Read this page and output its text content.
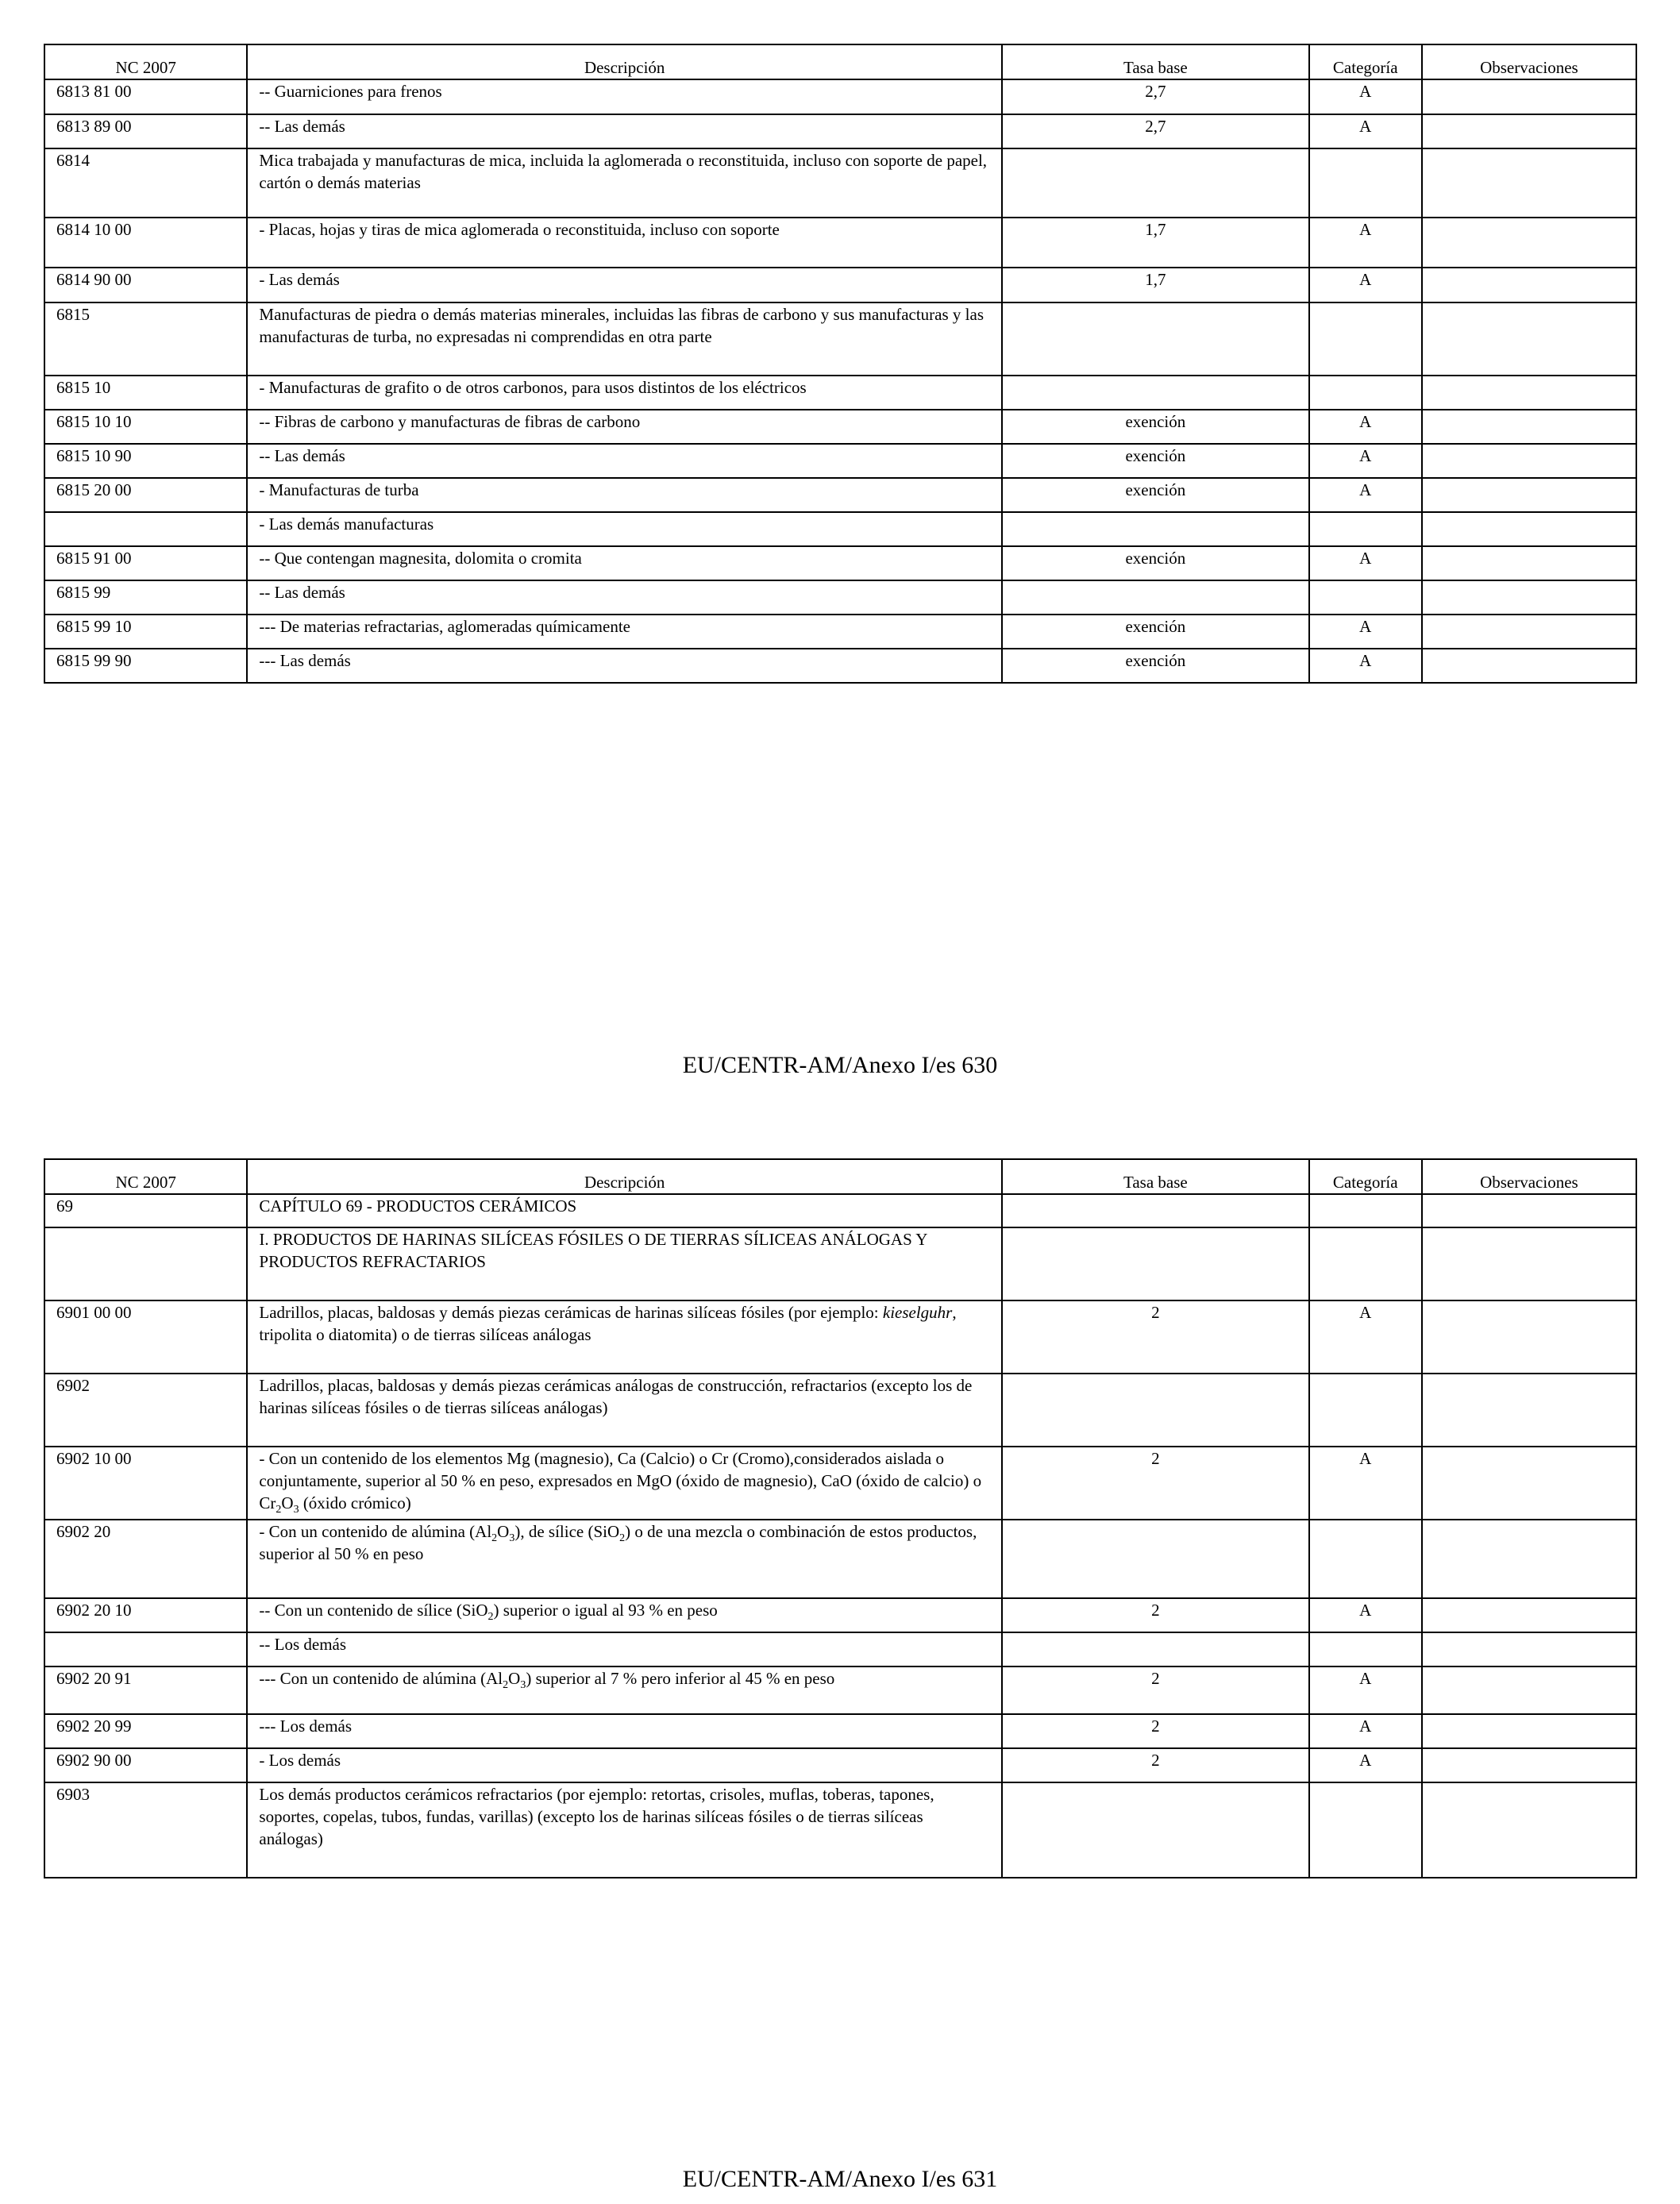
NC 2007	Descripción	Tasa base	Categoría	Observaciones
6813 81 00	-- Guarniciones para frenos	2,7	A	
6813 89 00	-- Las demás	2,7	A	
6814	Mica trabajada y manufacturas de mica, incluida la aglomerada o reconstituida, incluso con soporte de papel, cartón o demás materias			
6814 10 00	- Placas, hojas y tiras de mica aglomerada o reconstituida, incluso con soporte	1,7	A	
6814 90 00	- Las demás	1,7	A	
6815	Manufacturas de piedra o demás materias minerales, incluidas las fibras de carbono y sus manufacturas y las manufacturas de turba, no expresadas ni comprendidas en otra parte			
6815 10	- Manufacturas de grafito o de otros carbonos, para usos distintos de los eléctricos			
6815 10 10	-- Fibras de carbono y manufacturas de fibras de carbono	exención	A	
6815 10 90	-- Las demás	exención	A	
6815 20 00	- Manufacturas de turba	exención	A	
	- Las demás manufacturas			
6815 91 00	-- Que contengan magnesita, dolomita o cromita	exención	A	
6815 99	-- Las demás			
6815 99 10	--- De materias refractarias, aglomeradas químicamente	exención	A	
6815 99 90	--- Las demás	exención	A	
EU/CENTR-AM/Anexo I/es 630
NC 2007	Descripción	Tasa base	Categoría	Observaciones
69	CAPÍTULO 69 - PRODUCTOS CERÁMICOS			
	I. PRODUCTOS DE HARINAS SILÍCEAS FÓSILES O DE TIERRAS SÍLICEAS ANÁLOGAS Y PRODUCTOS REFRACTARIOS			
6901 00 00	Ladrillos, placas, baldosas y demás piezas cerámicas de harinas silíceas fósiles (por ejemplo: kieselguhr, tripolita o diatomita) o de tierras silíceas análogas	2	A	
6902	Ladrillos, placas, baldosas y demás piezas cerámicas análogas de construcción, refractarios (excepto los de harinas silíceas fósiles o de tierras silíceas análogas)			
6902 10 00	- Con un contenido de los elementos Mg (magnesio), Ca (Calcio) o Cr (Cromo),considerados aislada o conjuntamente, superior al 50 % en peso, expresados en MgO (óxido de magnesio), CaO (óxido de calcio) o $Cr_2O_3$ (óxido crómico)	2	A	
6902 20	- Con un contenido de alúmina $(Al_2O_3)$, de sílice (SiO$_2$) o de una mezcla o combinación de estos productos, superior al 50 % en peso			
6902 20 10	-- Con un contenido de sílice (SiO$_2$) superior o igual al 93 % en peso	2	A	
	-- Los demás			
6902 20 91	--- Con un contenido de alúmina $(Al_2O_3)$ superior al 7 % pero inferior al 45 % en peso	2	A	
6902 20 99	--- Los demás	2	A	
6902 90 00	- Los demás	2	A	
6903	Los demás productos cerámicos refractarios (por ejemplo: retortas, crisoles, muflas, toberas, tapones, soportes, copelas, tubos, fundas, varillas) (excepto los de harinas silíceas fósiles o de tierras silíceas análogas)			
EU/CENTR-AM/Anexo I/es 631
